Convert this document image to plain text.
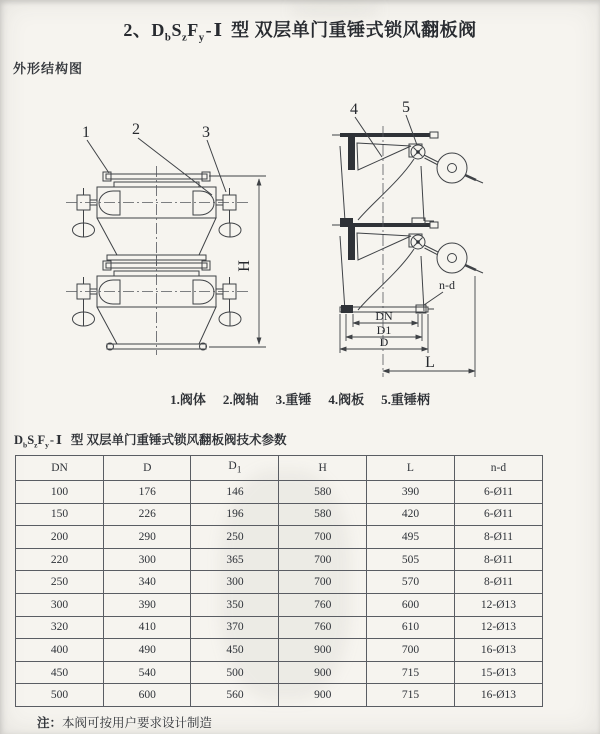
2、$D_bS_zF_y-Ⅰ$ 型 双层单门重锤式锁风翻板阀
外形结构图
1	2	3
H
4	5
n-d
DN
D1
D
L
1.阀体 2.阀轴 3.重锤 4.阀板 5.重锤柄
$D_bS_zF_y-Ⅰ$ 型 双层单门重锤式锁风翻板阀技术参数
DN	D	$D_1$	H	L	n-d
100	176	146	580	390	6-Ø11
150	226	196	580	420	6-Ø11
200	290	250	700	495	8-Ø11
220	300	365	700	505	8-Ø11
250	340	300	700	570	8-Ø11
300	390	350	760	600	12-Ø13
320	410	370	760	610	12-Ø13
400	490	450	900	700	16-Ø13
450	540	500	900	715	15-Ø13
500	600	560	900	715	16-Ø13
注：本阀可按用户要求设计制造
